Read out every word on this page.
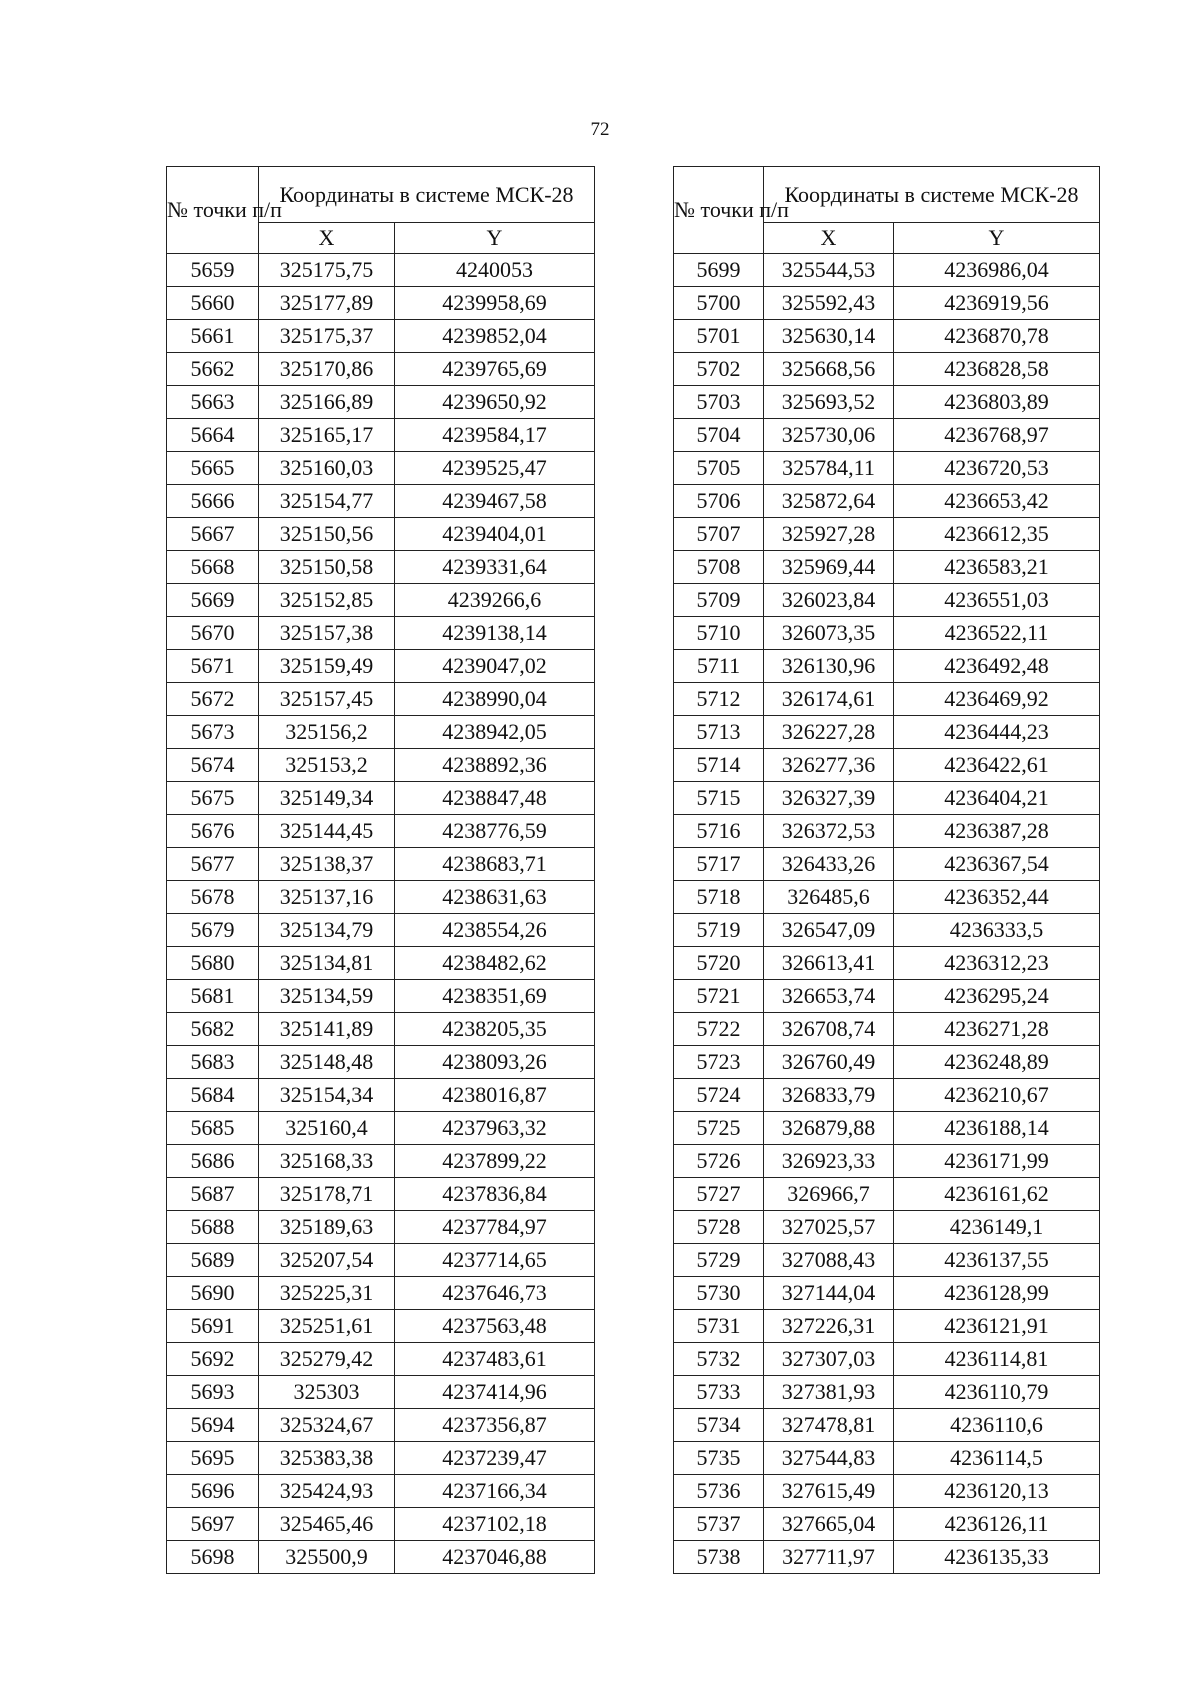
72
№ точки п/п	Координаты в системе МСК-28	
	X	Y
5659	325175,75	4240053
5660	325177,89	4239958,69
5661	325175,37	4239852,04
5662	325170,86	4239765,69
5663	325166,89	4239650,92
5664	325165,17	4239584,17
5665	325160,03	4239525,47
5666	325154,77	4239467,58
5667	325150,56	4239404,01
5668	325150,58	4239331,64
5669	325152,85	4239266,6
5670	325157,38	4239138,14
5671	325159,49	4239047,02
5672	325157,45	4238990,04
5673	325156,2	4238942,05
5674	325153,2	4238892,36
5675	325149,34	4238847,48
5676	325144,45	4238776,59
5677	325138,37	4238683,71
5678	325137,16	4238631,63
5679	325134,79	4238554,26
5680	325134,81	4238482,62
5681	325134,59	4238351,69
5682	325141,89	4238205,35
5683	325148,48	4238093,26
5684	325154,34	4238016,87
5685	325160,4	4237963,32
5686	325168,33	4237899,22
5687	325178,71	4237836,84
5688	325189,63	4237784,97
5689	325207,54	4237714,65
5690	325225,31	4237646,73
5691	325251,61	4237563,48
5692	325279,42	4237483,61
5693	325303	4237414,96
5694	325324,67	4237356,87
5695	325383,38	4237239,47
5696	325424,93	4237166,34
5697	325465,46	4237102,18
5698	325500,9	4237046,88
№ точки п/п	Координаты в системе МСК-28	
	X	Y
5699	325544,53	4236986,04
5700	325592,43	4236919,56
5701	325630,14	4236870,78
5702	325668,56	4236828,58
5703	325693,52	4236803,89
5704	325730,06	4236768,97
5705	325784,11	4236720,53
5706	325872,64	4236653,42
5707	325927,28	4236612,35
5708	325969,44	4236583,21
5709	326023,84	4236551,03
5710	326073,35	4236522,11
5711	326130,96	4236492,48
5712	326174,61	4236469,92
5713	326227,28	4236444,23
5714	326277,36	4236422,61
5715	326327,39	4236404,21
5716	326372,53	4236387,28
5717	326433,26	4236367,54
5718	326485,6	4236352,44
5719	326547,09	4236333,5
5720	326613,41	4236312,23
5721	326653,74	4236295,24
5722	326708,74	4236271,28
5723	326760,49	4236248,89
5724	326833,79	4236210,67
5725	326879,88	4236188,14
5726	326923,33	4236171,99
5727	326966,7	4236161,62
5728	327025,57	4236149,1
5729	327088,43	4236137,55
5730	327144,04	4236128,99
5731	327226,31	4236121,91
5732	327307,03	4236114,81
5733	327381,93	4236110,79
5734	327478,81	4236110,6
5735	327544,83	4236114,5
5736	327615,49	4236120,13
5737	327665,04	4236126,11
5738	327711,97	4236135,33
